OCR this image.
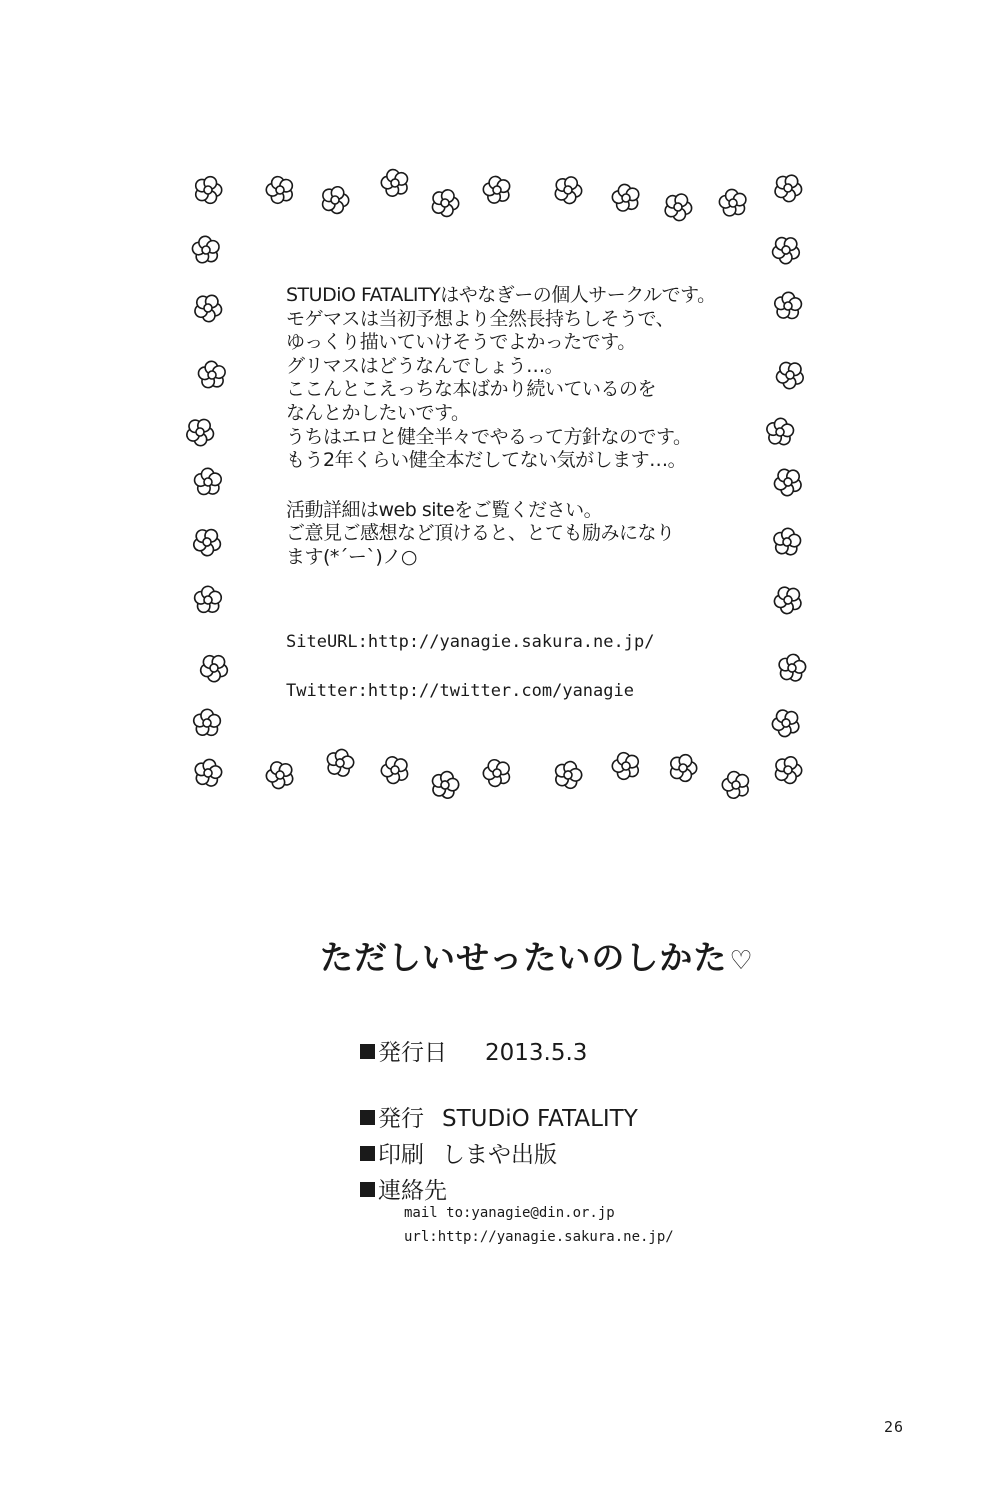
STUDiO FATALITYはやなぎーの個人サークルです。
モゲマスは当初予想より全然長持ちしそうで、
ゆっくり描いていけそうでよかったです。
グリマスはどうなんでしょう…。
ここんとこえっちな本ばかり続いているのを
なんとかしたいです。
うちはエロと健全半々でやるって方針なのです。
もう2年くらい健全本だしてない気がします…。
活動詳細はweb siteをご覧ください。
ご意見ご感想など頂けると、とても励みになり
ます(*´ー`)ノ○
SiteURL:http://yanagie.sakura.ne.jp/
Twitter:http://twitter.com/yanagie
ただしいせったいのしかた♡
発行日 2013.5.3
発行 STUDiO FATALITY
印刷 しまや出版
連絡先
mail to:yanagie@din.or.jp
url:http://yanagie.sakura.ne.jp/
26
